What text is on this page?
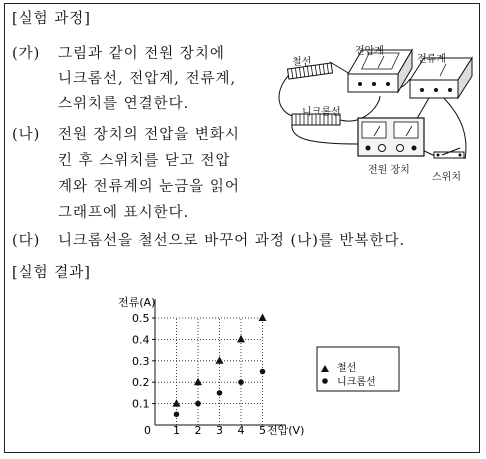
[실험 과정]
(가) 그림과 같이 전원 장치에
니크롬선, 전압계, 전류계,
스위치를 연결한다.
(나) 전원 장치의 전압을 변화시
킨 후 스위치를 닫고 전압
계와 전류계의 눈금을 읽어
그래프에 표시한다.
(다) 니크롬선을 철선으로 바꾸어 과정 (나)를 반복한다.
[실험 결과]
철선
전압계
전류계
니크롬선
전원 장치
스위치
1 2 3 4 5
0.1
0.2
0.3
0.4
0.5
전류(A)
전압(V)
0
철선
니크롬선
